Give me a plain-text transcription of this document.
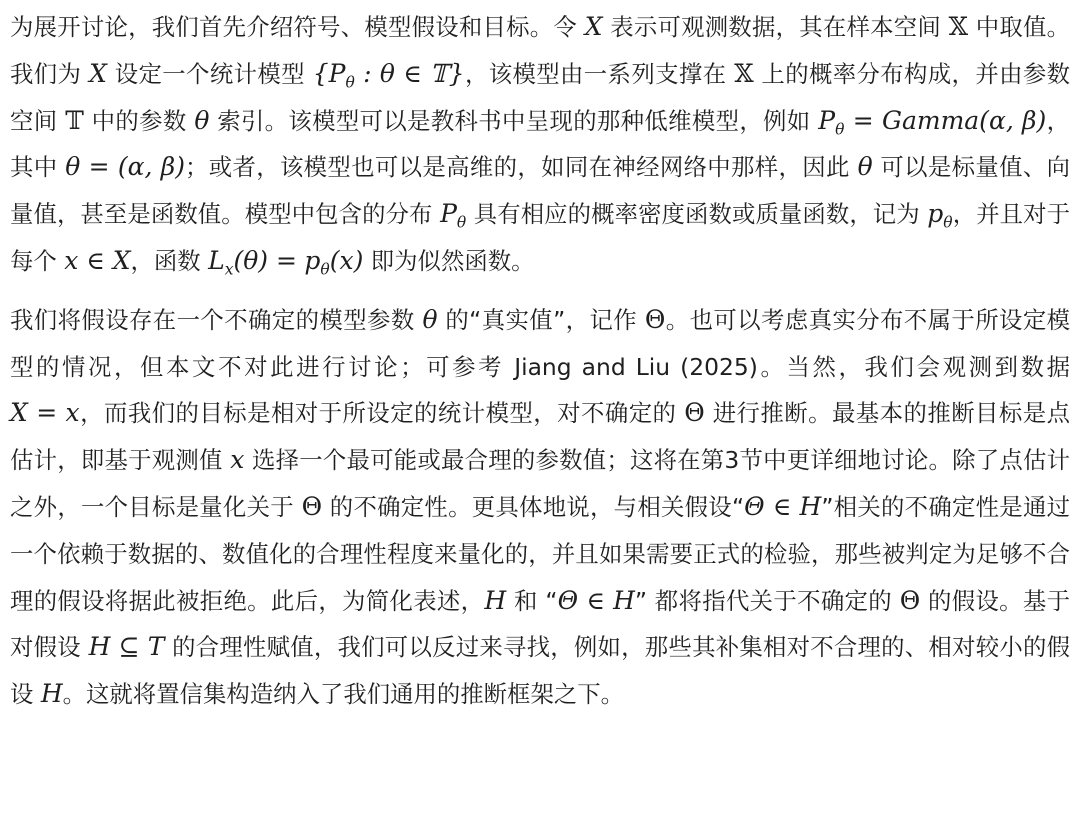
为展开讨论，我们首先介绍符号、模型假设和目标。令 X 表示可观测数据，其在样本空间 𝕏 中取值。我们为 X 设定一个统计模型 {$P_\theta$ : θ ∈ 𝕋}，该模型由一系列支撑在 𝕏 上的概率分布构成，并由参数空间 𝕋 中的参数 θ 索引。该模型可以是教科书中呈现的那种低维模型，例如 $P_\theta$ = Gamma(α, β)，其中 θ = (α, β)；或者，该模型也可以是高维的，如同在神经网络中那样，因此 θ 可以是标量值、向量值，甚至是函数值。模型中包含的分布 $P_\theta$ 具有相应的概率密度函数或质量函数，记为 $p_\theta$，并且对于每个 x ∈ X，函数 $L_x(\theta) = p_\theta(x)$ 即为似然函数。

我们将假设存在一个不确定的模型参数 θ 的“真实值”，记作 Θ。也可以考虑真实分布不属于所设定模型的情况，但本文不对此进行讨论；可参考 Jiang and Liu (2025)。当然，我们会观测到数据 X = x，而我们的目标是相对于所设定的统计模型，对不确定的 Θ 进行推断。最基本的推断目标是点估计，即基于观测值 x 选择一个最可能或最合理的参数值；这将在第3节中更详细地讨论。除了点估计之外，一个目标是量化关于 Θ 的不确定性。更具体地说，与相关假设“Θ ∈ H”相关的不确定性是通过一个依赖于数据的、数值化的合理性程度来量化的，并且如果需要正式的检验，那些被判定为足够不合理的假设将据此被拒绝。此后，为简化表述，H 和 “Θ ∈ H” 都将指代关于不确定的 Θ 的假设。基于对假设 H ⊆ T 的合理性赋值，我们可以反过来寻找，例如，那些其补集相对不合理的、相对较小的假设 H。这就将置信集构造纳入了我们通用的推断框架之下。
